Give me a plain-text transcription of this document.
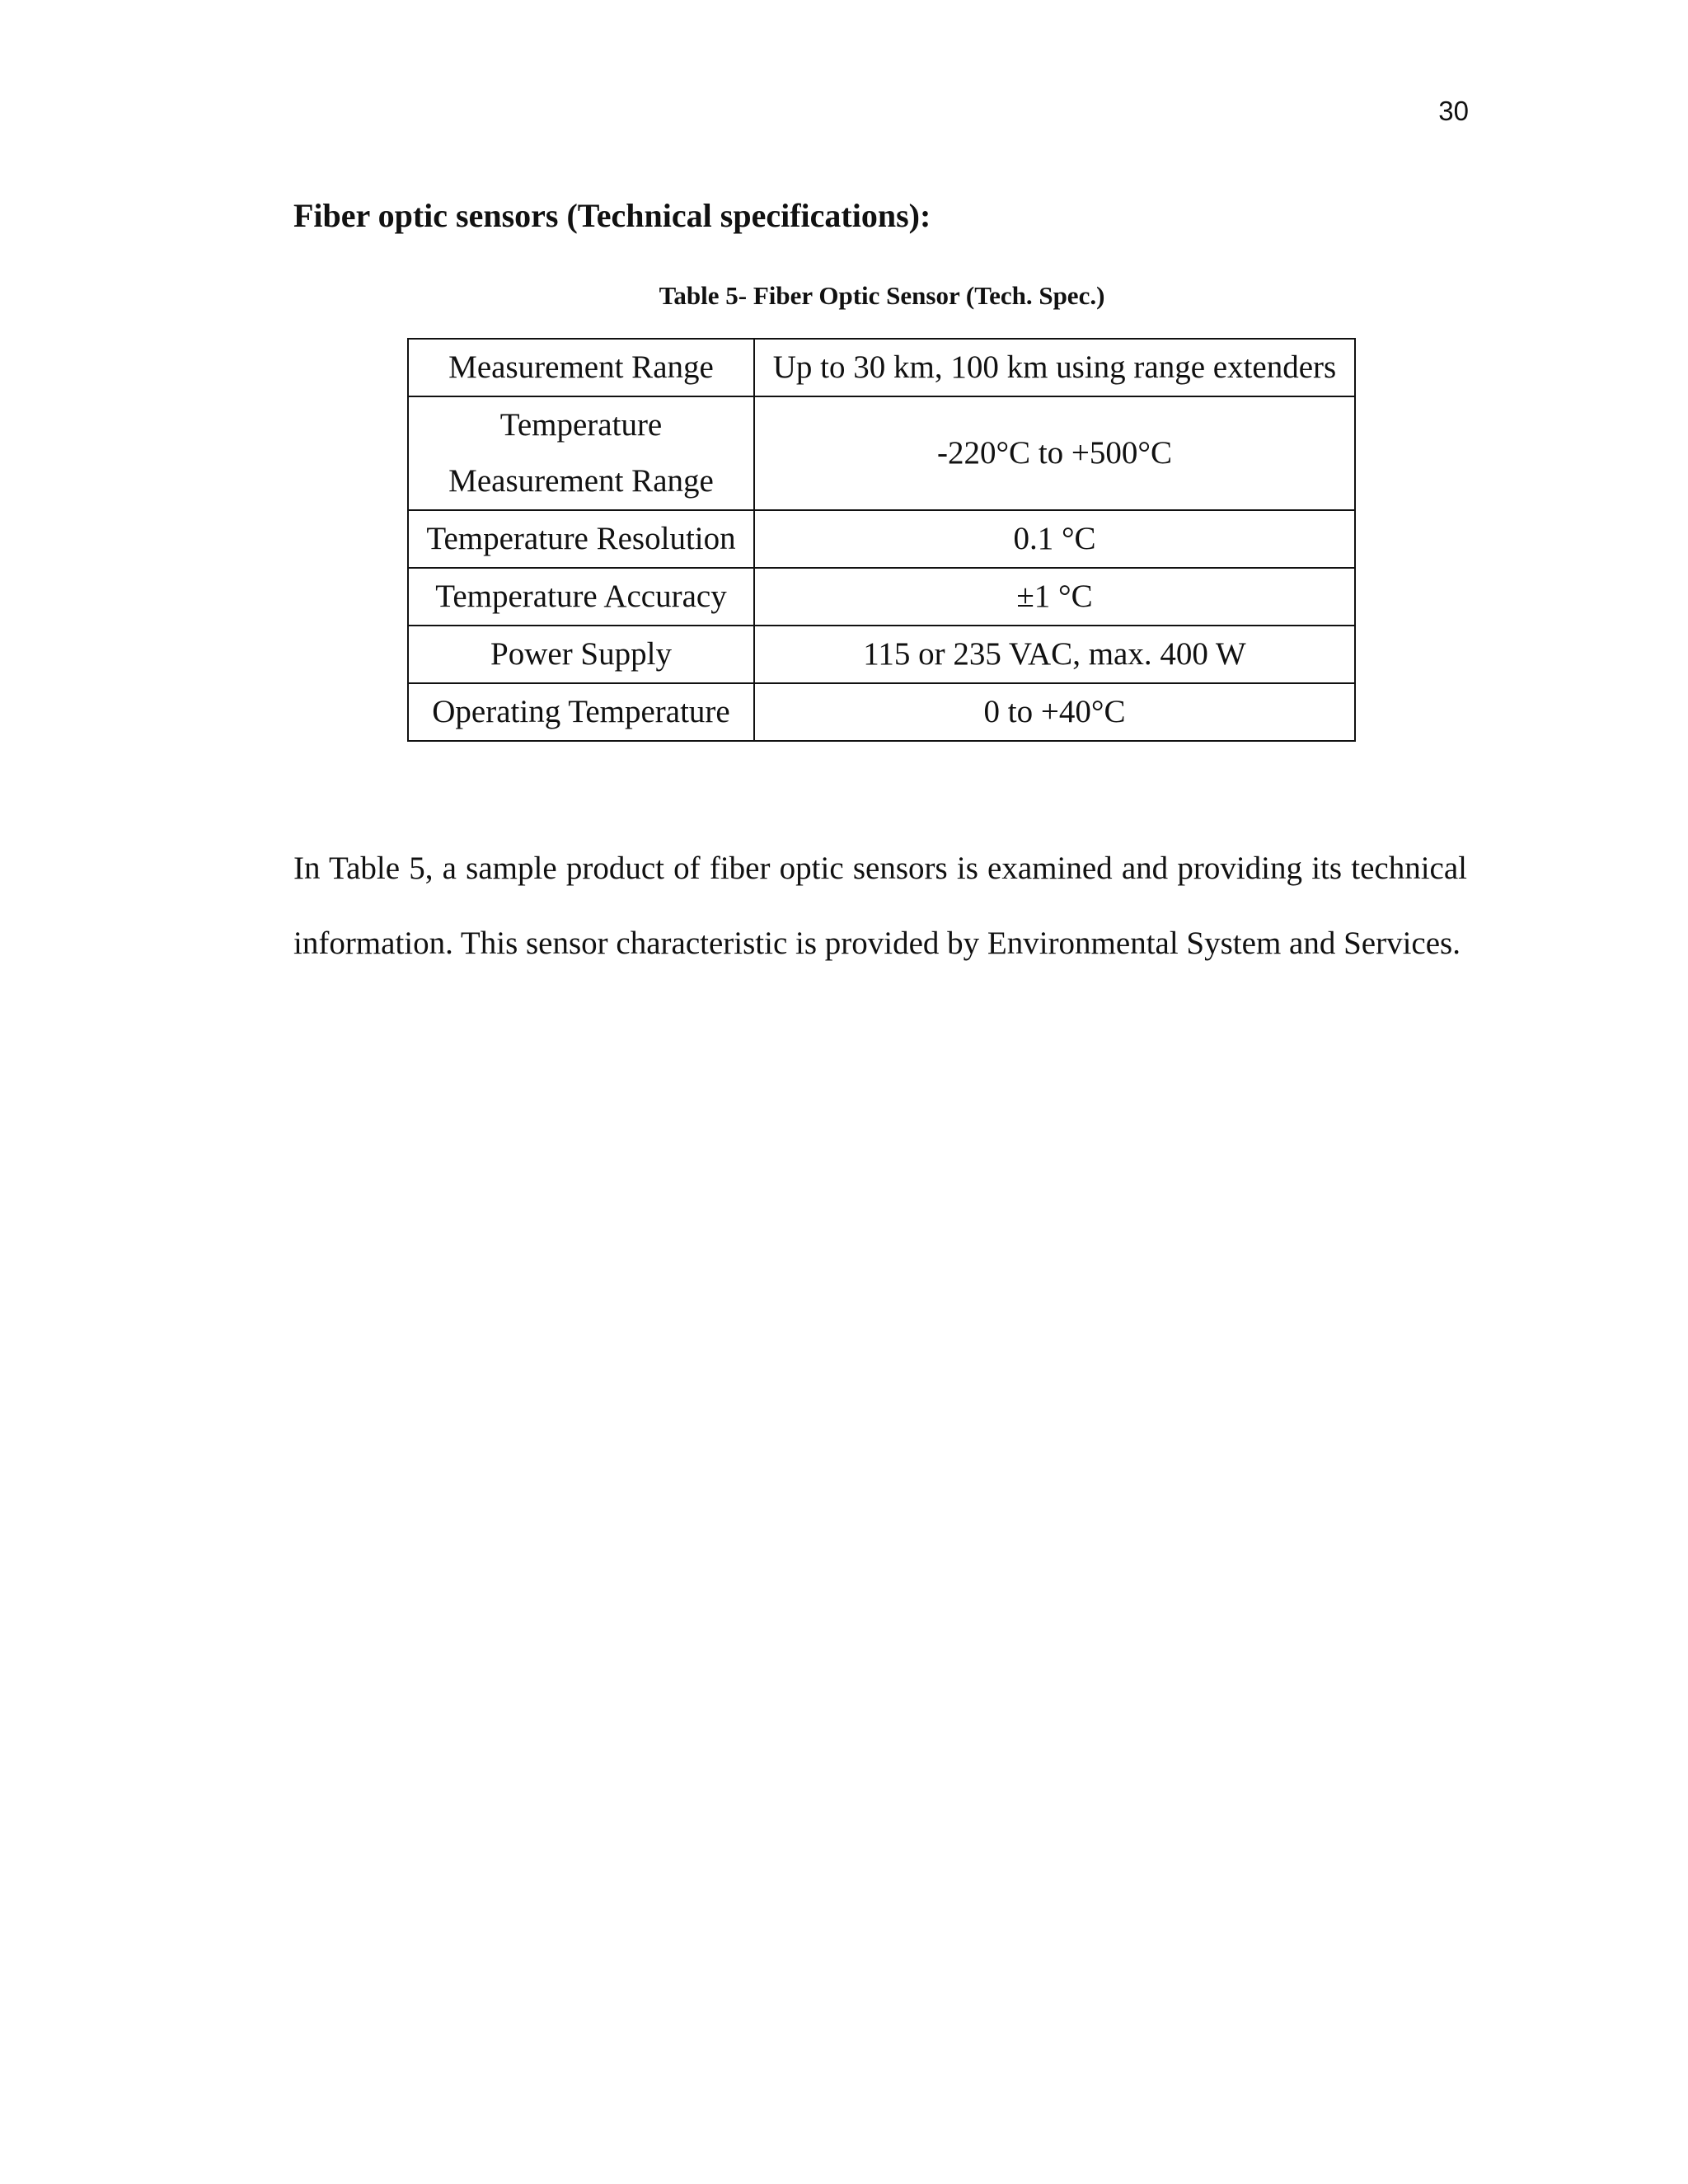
30
Fiber optic sensors (Technical specifications):
Table 5- Fiber Optic Sensor (Tech. Spec.)
Measurement Range	Up to 30 km, 100 km using range extenders

Temperature
Measurement Range	-220°C to +500°C
Temperature Resolution	0.1 °C
Temperature Accuracy	±1 °C
Power Supply	115 or 235 VAC, max. 400 W
Operating Temperature	0 to +40°C

In Table 5, a sample product of fiber optic sensors is examined and providing its technical information. This sensor characteristic is provided by Environmental System and Services.
